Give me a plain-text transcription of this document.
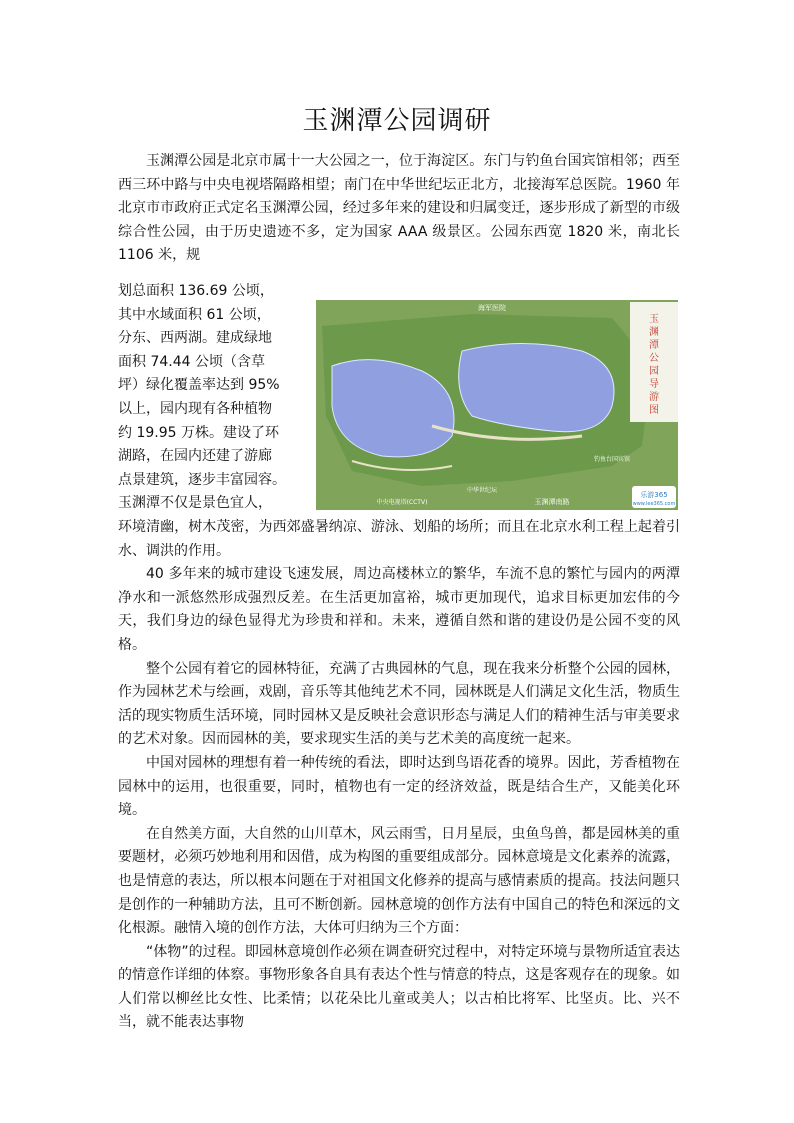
玉渊潭公园调研

玉渊潭公园是北京市属十一大公园之一，位于海淀区。东门与钓鱼台国宾馆相邻；西至西三环中路与中央电视塔隔路相望；南门在中华世纪坛正北方，北接海军总医院。1960 年北京市市政府正式定名玉渊潭公园，经过多年来的建设和归属变迁，逐步形成了新型的市级综合性公园，由于历史遗迹不多，定为国家 AAA 级景区。公园东西宽 1820 米，南北长 1106 米，规

划总面积 136.69 公顷，

其中水域面积 61 公顷，

分东、西两湖。建成绿地

面积 74.44 公顷（含草

坪）绿化覆盖率达到 95%

以上，园内现有各种植物

约 19.95 万株。建设了环

湖路，在园内还建了游廊

点景建筑，逐步丰富园容。

玉渊潭不仅是景色宜人，

玉渊潭公园导游图
海军医院
玉渊潭南路
中央电视塔(CCTV)
中华世纪坛
钓鱼台国宾馆
乐游365
www.lee365.com

环境清幽，树木茂密，为西郊盛暑纳凉、游泳、划船的场所；而且在北京水利工程上起着引水、调洪的作用。

40 多年来的城市建设飞速发展，周边高楼林立的繁华，车流不息的繁忙与园内的两潭净水和一派悠然形成强烈反差。在生活更加富裕，城市更加现代，追求目标更加宏伟的今天，我们身边的绿色显得尤为珍贵和祥和。未来，遵循自然和谐的建设仍是公园不变的风格。

整个公园有着它的园林特征，充满了古典园林的气息，现在我来分析整个公园的园林，作为园林艺术与绘画，戏剧，音乐等其他纯艺术不同，园林既是人们满足文化生活，物质生活的现实物质生活环境，同时园林又是反映社会意识形态与满足人们的精神生活与审美要求的艺术对象。因而园林的美，要求现实生活的美与艺术美的高度统一起来。

中国对园林的理想有着一种传统的看法，即时达到鸟语花香的境界。因此，芳香植物在园林中的运用，也很重要，同时，植物也有一定的经济效益，既是结合生产，又能美化环境。

在自然美方面，大自然的山川草木，风云雨雪，日月星辰，虫鱼鸟兽，都是园林美的重要题材，必须巧妙地利用和因借，成为构图的重要组成部分。园林意境是文化素养的流露，也是情意的表达，所以根本问题在于对祖国文化修养的提高与感情素质的提高。技法问题只是创作的一种辅助方法，且可不断创新。园林意境的创作方法有中国自己的特色和深远的文化根源。融情入境的创作方法，大体可归纳为三个方面：

“体物”的过程。即园林意境创作必须在调查研究过程中，对特定环境与景物所适宜表达的情意作详细的体察。事物形象各自具有表达个性与情意的特点，这是客观存在的现象。如人们常以柳丝比女性、比柔情；以花朵比儿童或美人；以古柏比将军、比坚贞。比、兴不当，就不能表达事物
